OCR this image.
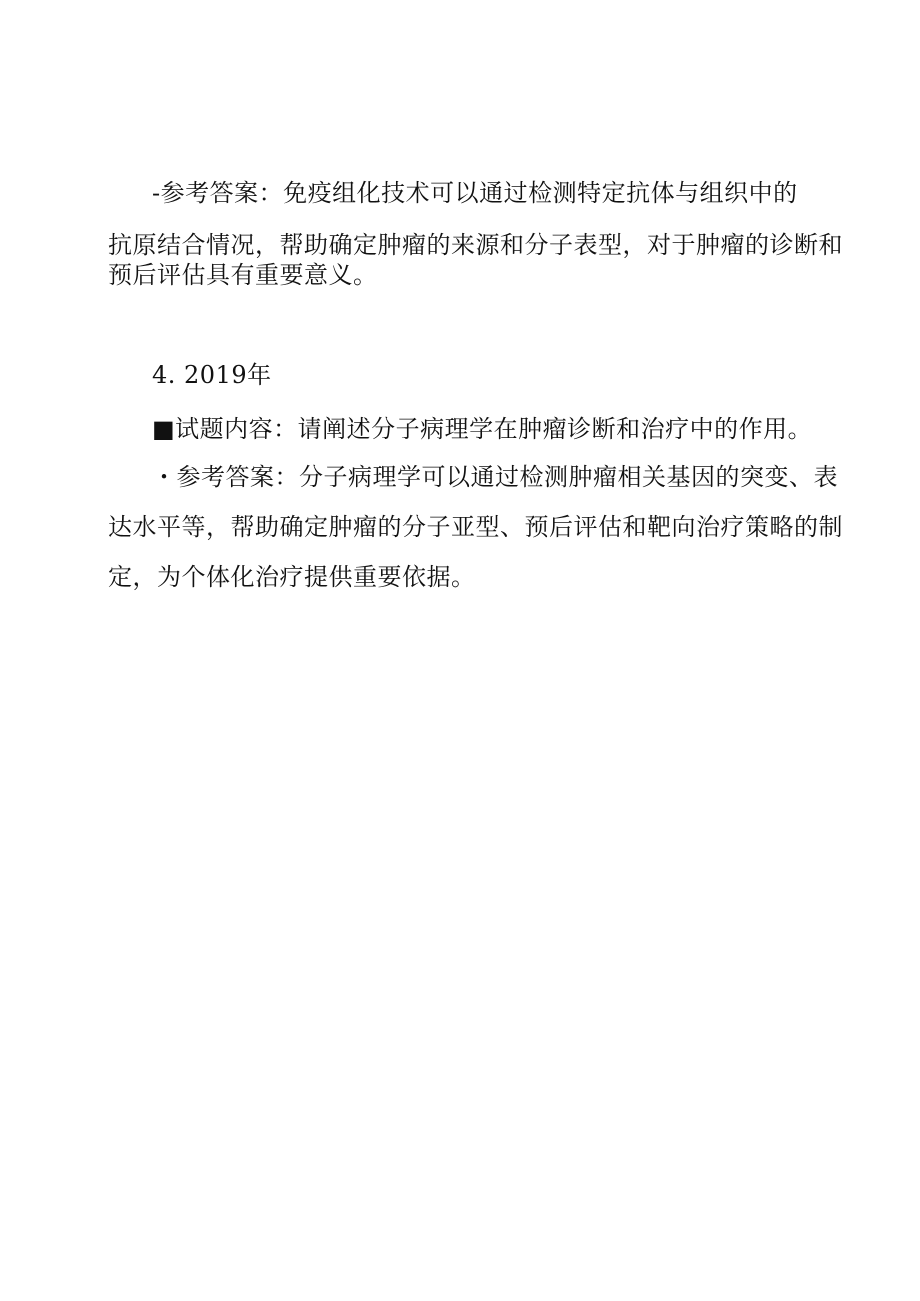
-参考答案：免疫组化技术可以通过检测特定抗体与组织中的
抗原结合情况，帮助确定肿瘤的来源和分子表型，对于肿瘤的诊断和
预后评估具有重要意义。
4. 2019年
■试题内容：请阐述分子病理学在肿瘤诊断和治疗中的作用。
・参考答案：分子病理学可以通过检测肿瘤相关基因的突变、表
达水平等，帮助确定肿瘤的分子亚型、预后评估和靶向治疗策略的制
定，为个体化治疗提供重要依据。
